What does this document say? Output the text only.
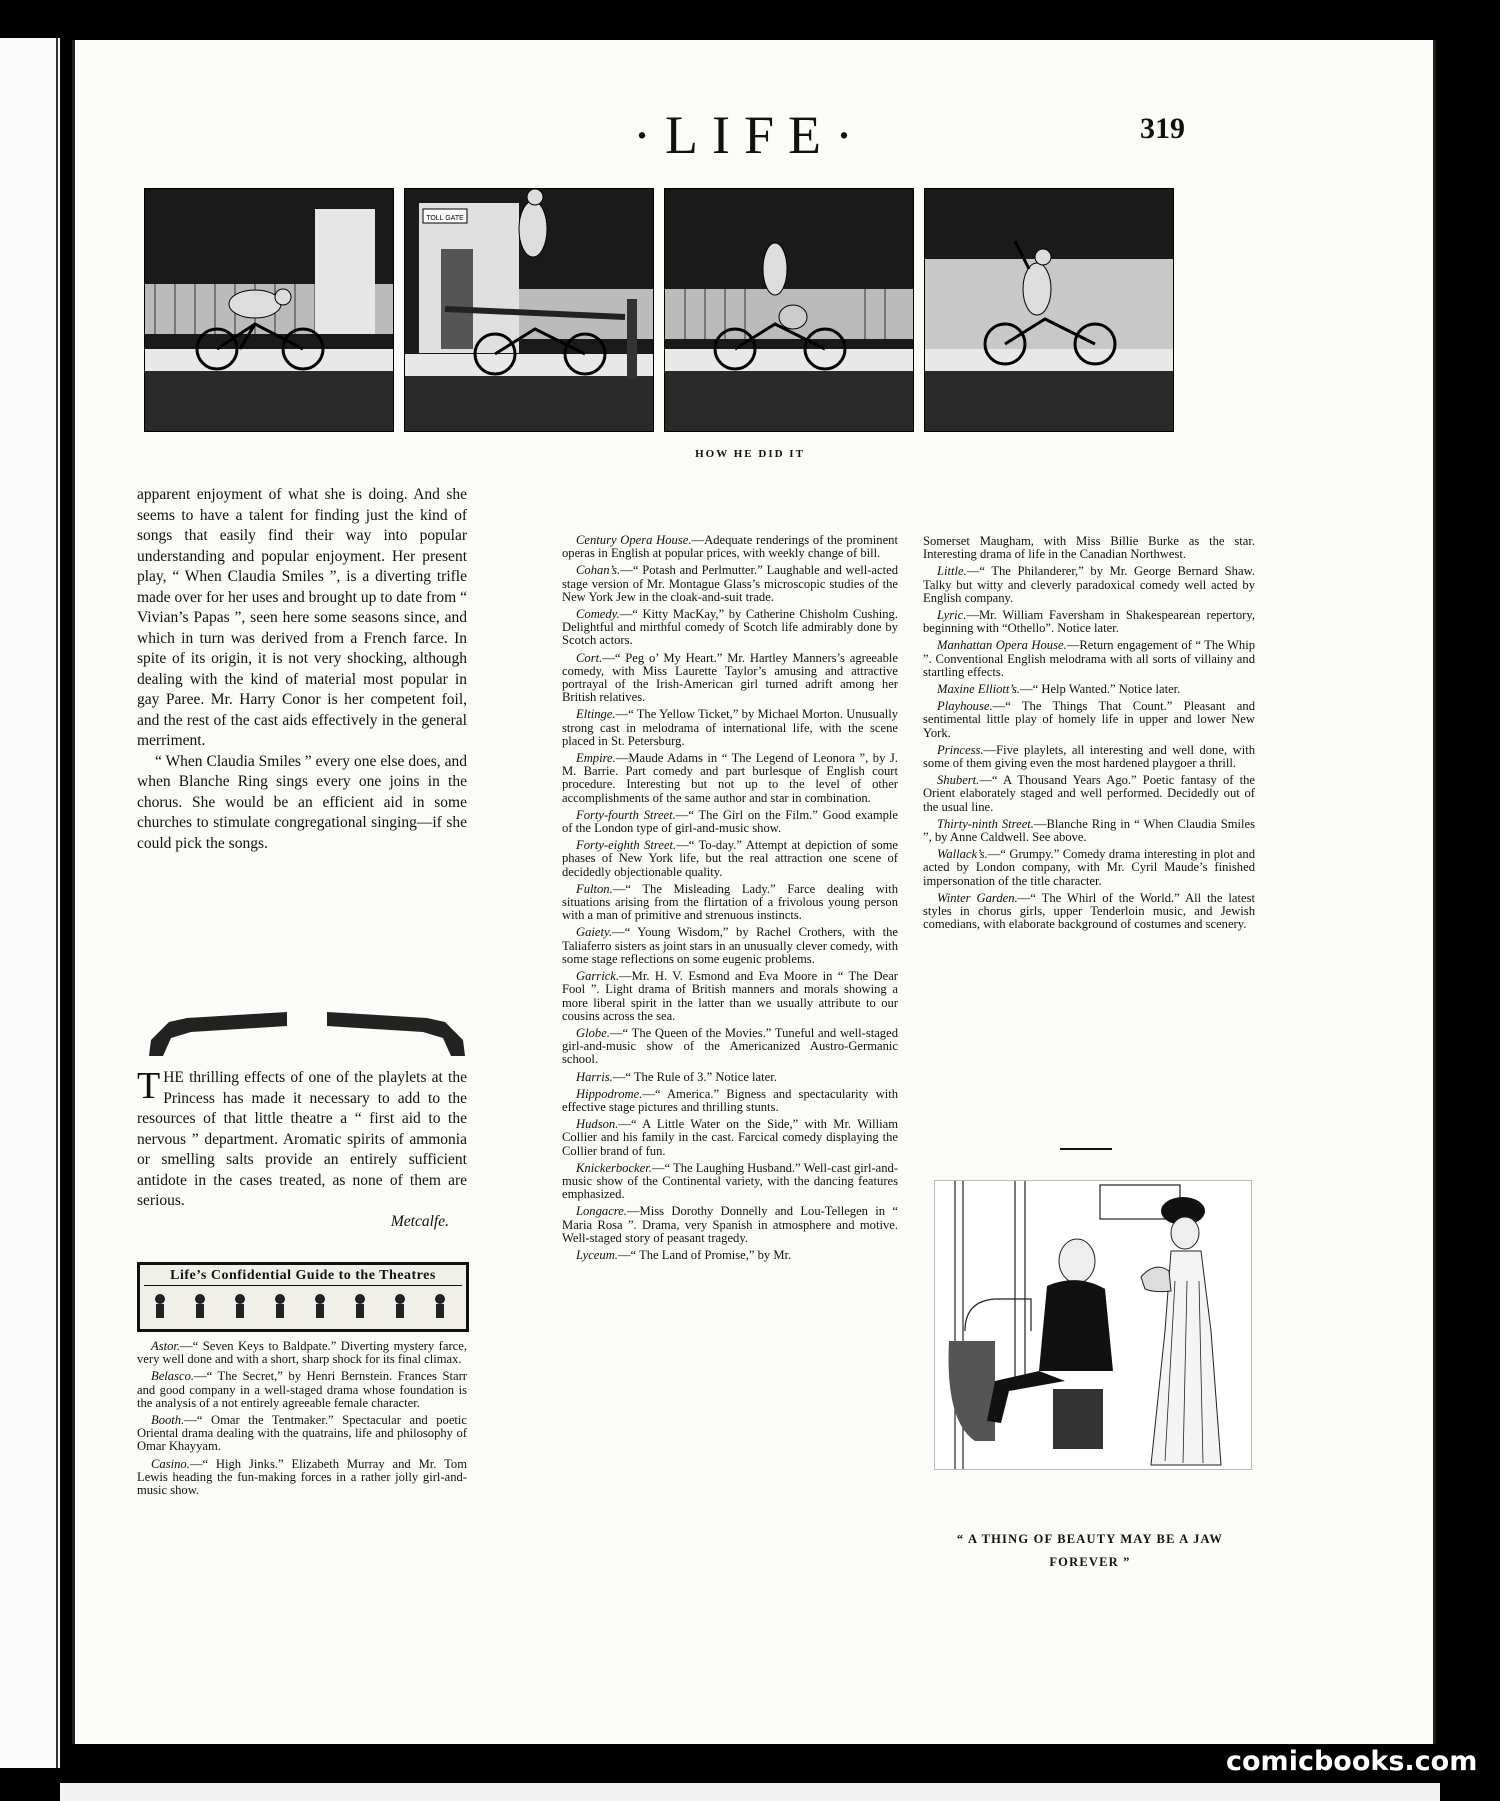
·LIFE·	319
TOLL GATE
HOW HE DID IT

apparent enjoyment of what she is doing. And she seems to have a talent for finding just the kind of songs that easily find their way into popular understanding and popular enjoyment. Her present play, “ When Claudia Smiles ”, is a diverting trifle made over for her uses and brought up to date from “ Vivian’s Papas ”, seen here some seasons since, and which in turn was derived from a French farce. In spite of its origin, it is not very shocking, although dealing with the kind of material most popular in gay Paree. Mr. Harry Conor is her competent foil, and the rest of the cast aids effectively in the general merriment.

“ When Claudia Smiles ” every one else does, and when Blanche Ring sings every one joins in the chorus. She would be an efficient aid in some churches to stimulate congregational singing—if she could pick the songs.

THE thrilling effects of one of the playlets at the Princess has made it necessary to add to the resources of that little theatre a “ first aid to the nervous ” department. Aromatic spirits of ammonia or smelling salts provide an entirely sufficient antidote in the cases treated, as none of them are serious.

Metcalfe.

Life’s Confidential Guide to the Theatres

Astor.—“ Seven Keys to Baldpate.” Diverting mystery farce, very well done and with a short, sharp shock for its final climax.

Belasco.—“ The Secret,” by Henri Bernstein. Frances Starr and good company in a well-staged drama whose foundation is the analysis of a not entirely agreeable female character.

Booth.—“ Omar the Tentmaker.” Spectacular and poetic Oriental drama dealing with the quatrains, life and philosophy of Omar Khayyam.

Casino.—“ High Jinks.” Elizabeth Murray and Mr. Tom Lewis heading the fun-making forces in a rather jolly girl-and-music show.

Century Opera House.—Adequate renderings of the prominent operas in English at popular prices, with weekly change of bill.

Cohan’s.—“ Potash and Perlmutter.” Laughable and well-acted stage version of Mr. Montague Glass’s microscopic studies of the New York Jew in the cloak-and-suit trade.

Comedy.—“ Kitty MacKay,” by Catherine Chisholm Cushing. Delightful and mirthful comedy of Scotch life admirably done by Scotch actors.

Cort.—“ Peg o’ My Heart.” Mr. Hartley Manners’s agreeable comedy, with Miss Laurette Taylor’s amusing and attractive portrayal of the Irish-American girl turned adrift among her British relatives.

Eltinge.—“ The Yellow Ticket,” by Michael Morton. Unusually strong cast in melodrama of international life, with the scene placed in St. Petersburg.

Empire.—Maude Adams in “ The Legend of Leonora ”, by J. M. Barrie. Part comedy and part burlesque of English court procedure. Interesting but not up to the level of other accomplishments of the same author and star in combination.

Forty-fourth Street.—“ The Girl on the Film.” Good example of the London type of girl-and-music show.

Forty-eighth Street.—“ To-day.” Attempt at depiction of some phases of New York life, but the real attraction one scene of decidedly objectionable quality.

Fulton.—“ The Misleading Lady.” Farce dealing with situations arising from the flirtation of a frivolous young person with a man of primitive and strenuous instincts.

Gaiety.—“ Young Wisdom,” by Rachel Crothers, with the Taliaferro sisters as joint stars in an unusually clever comedy, with some stage reflections on some eugenic problems.

Garrick.—Mr. H. V. Esmond and Eva Moore in “ The Dear Fool ”. Light drama of British manners and morals showing a more liberal spirit in the latter than we usually attribute to our cousins across the sea.

Globe.—“ The Queen of the Movies.” Tuneful and well-staged girl-and-music show of the Americanized Austro-Germanic school.

Harris.—“ The Rule of 3.” Notice later.

Hippodrome.—“ America.” Bigness and spectacularity with effective stage pictures and thrilling stunts.

Hudson.—“ A Little Water on the Side,” with Mr. William Collier and his family in the cast. Farcical comedy displaying the Collier brand of fun.

Knickerbocker.—“ The Laughing Husband.” Well-cast girl-and-music show of the Continental variety, with the dancing features emphasized.

Longacre.—Miss Dorothy Donnelly and Lou-Tellegen in “ Maria Rosa ”. Drama, very Spanish in atmosphere and motive. Well-staged story of peasant tragedy.

Lyceum.—“ The Land of Promise,” by Mr.

Somerset Maugham, with Miss Billie Burke as the star. Interesting drama of life in the Canadian Northwest.

Little.—“ The Philanderer,” by Mr. George Bernard Shaw. Talky but witty and cleverly paradoxical comedy well acted by English company.

Lyric.—Mr. William Faversham in Shakespearean repertory, beginning with “Othello”. Notice later.

Manhattan Opera House.—Return engagement of “ The Whip ”. Conventional English melodrama with all sorts of villainy and startling effects.

Maxine Elliott’s.—“ Help Wanted.” Notice later.

Playhouse.—“ The Things That Count.” Pleasant and sentimental little play of homely life in upper and lower New York.

Princess.—Five playlets, all interesting and well done, with some of them giving even the most hardened playgoer a thrill.

Shubert.—“ A Thousand Years Ago.” Poetic fantasy of the Orient elaborately staged and well performed. Decidedly out of the usual line.

Thirty-ninth Street.—Blanche Ring in “ When Claudia Smiles ”, by Anne Caldwell. See above.

Wallack’s.—“ Grumpy.” Comedy drama interesting in plot and acted by London company, with Mr. Cyril Maude’s finished impersonation of the title character.

Winter Garden.—“ The Whirl of the World.” All the latest styles in chorus girls, upper Tenderloin music, and Jewish comedians, with elaborate background of costumes and scenery.

“ A THING OF BEAUTY MAY BE A JAW
FOREVER ”
comicbooks.com
